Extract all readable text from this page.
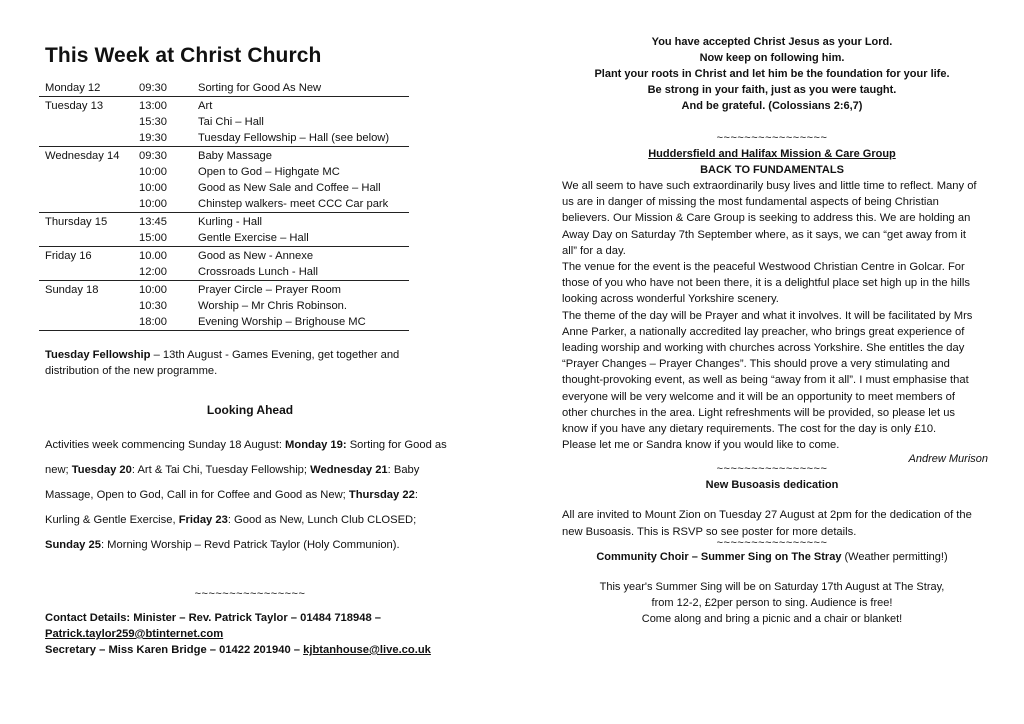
This Week at Christ Church
Monday 12	09:30	Sorting for Good As New
Tuesday 13	13:00	Art
	15:30	Tai Chi – Hall
	19:30	Tuesday Fellowship – Hall (see below)
Wednesday 14	09:30	Baby Massage
	10:00	Open to God – Highgate MC
	10:00	Good as New Sale and Coffee – Hall
	10:00	Chinstep walkers- meet CCC Car park
Thursday 15	13:45	Kurling - Hall
	15:00	Gentle Exercise – Hall
Friday 16	10.00	Good as New - Annexe
	12:00	Crossroads Lunch - Hall
Sunday 18	10:00	Prayer Circle – Prayer Room
	10:30	Worship – Mr Chris Robinson.
	18:00	Evening Worship – Brighouse MC

Tuesday Fellowship – 13th August - Games Evening, get together and distribution of the new programme.

Looking Ahead

Activities week commencing Sunday 18 August: Monday 19: Sorting for Good as new; Tuesday 20: Art & Tai Chi, Tuesday Fellowship; Wednesday 21: Baby Massage, Open to God, Call in for Coffee and Good as New; Thursday 22: Kurling & Gentle Exercise, Friday 23: Good as New, Lunch Club CLOSED; Sunday 25: Morning Worship – Revd Patrick Taylor (Holy Communion).

~~~~~~~~~~~~~~~~

Contact Details: Minister – Rev. Patrick Taylor – 01484 718948 –

Patrick.taylor259@btinternet.com

Secretary – Miss Karen Bridge – 01422 201940 – kjbtanhouse@live.co.uk

You have accepted Christ Jesus as your Lord.
Now keep on following him.
Plant your roots in Christ and let him be the foundation for your life.
Be strong in your faith, just as you were taught.
And be grateful. (Colossians 2:6,7)
~~~~~~~~~~~~~~~~
Huddersfield and Halifax Mission & Care Group
BACK TO FUNDAMENTALS

We all seem to have such extraordinarily busy lives and little time to reflect. Many of us are in danger of missing the most fundamental aspects of being Christian believers. Our Mission & Care Group is seeking to address this. We are holding an Away Day on Saturday 7th September where, as it says, we can “get away from it all” for a day.

The venue for the event is the peaceful Westwood Christian Centre in Golcar. For those of you who have not been there, it is a delightful place set high up in the hills looking across wonderful Yorkshire scenery.

The theme of the day will be Prayer and what it involves. It will be facilitated by Mrs Anne Parker, a nationally accredited lay preacher, who brings great experience of leading worship and working with churches across Yorkshire. She entitles the day “Prayer Changes – Prayer Changes”. This should prove a very stimulating and thought-provoking event, as well as being “away from it all”. I must emphasise that everyone will be very welcome and it will be an opportunity to meet members of other churches in the area. Light refreshments will be provided, so please let us know if you have any dietary requirements. The cost for the day is only £10.

Please let me or Sandra know if you would like to come.

Andrew Murison
~~~~~~~~~~~~~~~~
New Busoasis dedication

All are invited to Mount Zion on Tuesday 27 August at 2pm for the dedication of the new Busoasis. This is RSVP so see poster for more details.

~~~~~~~~~~~~~~~~
Community Choir – Summer Sing on The Stray (Weather permitting!)
This year's Summer Sing will be on Saturday 17th August at The Stray,
from 12-2, £2per person to sing. Audience is free!
Come along and bring a picnic and a chair or blanket!
